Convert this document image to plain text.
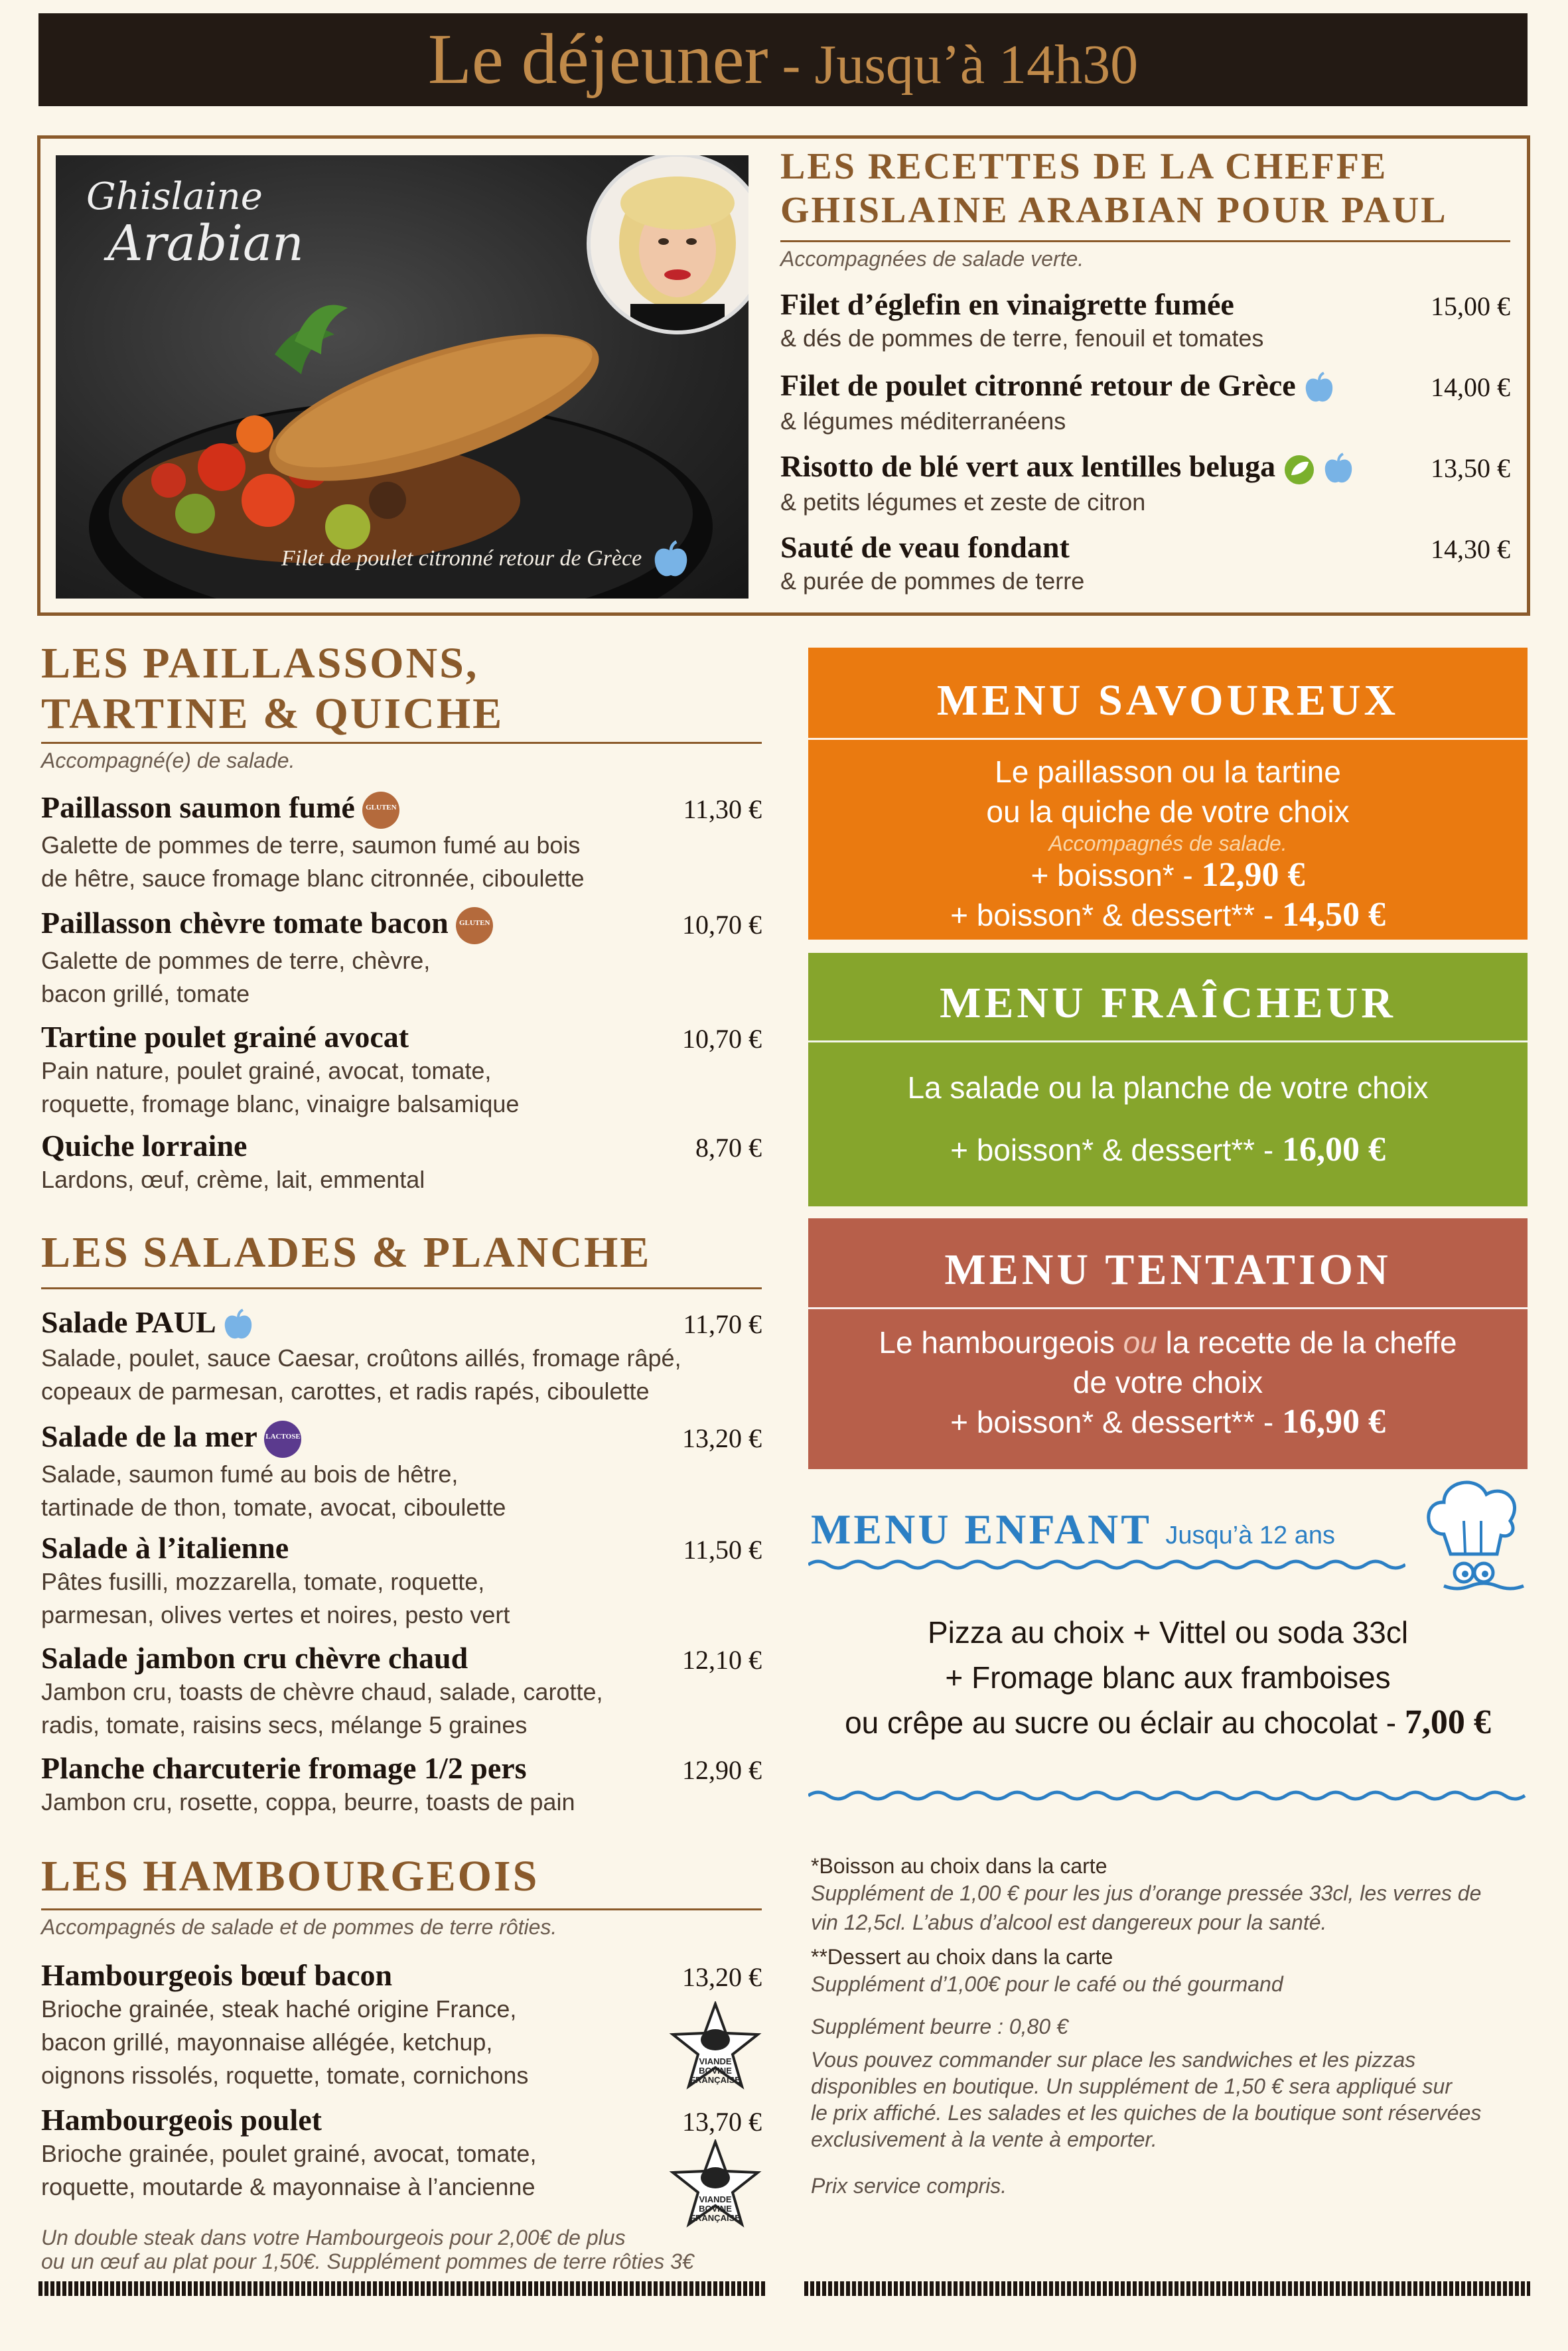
Le déjeuner - Jusqu’à 14h30
Ghislaine
Arabian
Filet de poulet citronné retour de Grèce
LES RECETTES DE LA CHEFFE
GHISLAINE ARABIAN POUR PAUL
Accompagnées de salade verte.
Filet d’églefin en vinaigrette fumée
& dés de pommes de terre, fenouil et tomates
15,00 €
Filet de poulet citronné retour de Grèce
& légumes méditerranéens
14,00 €
Risotto de blé vert aux lentilles beluga
& petits légumes et zeste de citron
13,50 €
Sauté de veau fondant
& purée de pommes de terre
14,30 €
LES PAILLASSONS,
TARTINE & QUICHE
Accompagné(e) de salade.
Paillasson saumon fumé	GLUTEN
Galette de pommes de terre, saumon fumé au bois
de hêtre, sauce fromage blanc citronnée, ciboulette
11,30 €
Paillasson chèvre tomate bacon	GLUTEN
Galette de pommes de terre, chèvre,
bacon grillé, tomate
10,70 €
Tartine poulet grainé avocat
Pain nature, poulet grainé, avocat, tomate,
roquette, fromage blanc, vinaigre balsamique
10,70 €
Quiche lorraine
Lardons, œuf, crème, lait, emmental
8,70 €
LES SALADES & PLANCHE
Salade PAUL
Salade, poulet, sauce Caesar, croûtons aillés, fromage râpé,
copeaux de parmesan, carottes, et radis rapés, ciboulette
11,70 €
Salade de la mer LACTOSE
Salade, saumon fumé au bois de hêtre,
tartinade de thon, tomate, avocat, ciboulette
13,20 €
Salade à l’italienne
Pâtes fusilli, mozzarella, tomate, roquette,
parmesan, olives vertes et noires, pesto vert
11,50 €
Salade jambon cru chèvre chaud
Jambon cru, toasts de chèvre chaud, salade, carotte,
radis, tomate, raisins secs, mélange 5 graines
12,10 €
Planche charcuterie fromage 1/2 pers
Jambon cru, rosette, coppa, beurre, toasts de pain
12,90 €
LES HAMBOURGEOIS
Accompagnés de salade et de pommes de terre rôties.
Hambourgeois bœuf bacon
Brioche grainée, steak haché origine France,
bacon grillé, mayonnaise allégée, ketchup,
oignons rissolés, roquette, tomate, cornichons
13,20 €
VIANDE
BOVINE
FRANÇAISE
Hambourgeois poulet
Brioche grainée, poulet grainé, avocat, tomate,
roquette, moutarde & mayonnaise à l’ancienne
13,70 €
VIANDE
BOVINE
FRANÇAISE
Un double steak dans votre Hambourgeois pour 2,00€ de plus
ou un œuf au plat pour 1,50€. Supplément pommes de terre rôties 3€
MENU SAVOUREUX
Le paillasson ou la tartine
ou la quiche de votre choix
Accompagnés de salade.
+ boisson* - 12,90 €
+ boisson* & dessert** - 14,50 €
MENU FRAÎCHEUR
La salade ou la planche de votre choix
+ boisson* & dessert** - 16,00 €
MENU TENTATION
Le hambourgeois ou la recette de la cheffe
de votre choix
+ boisson* & dessert** - 16,90 €
MENU ENFANT Jusqu’à 12 ans
Pizza au choix + Vittel ou soda 33cl
+ Fromage blanc aux framboises
ou crêpe au sucre ou éclair au chocolat - 7,00 €
*Boisson au choix dans la carte
Supplément de 1,00 € pour les jus d’orange pressée 33cl, les verres de
vin 12,5cl. L’abus d’alcool est dangereux pour la santé.
**Dessert au choix dans la carte
Supplément d’1,00€ pour le café ou thé gourmand
Supplément beurre : 0,80 €
Vous pouvez commander sur place les sandwiches et les pizzas
disponibles en boutique. Un supplément de 1,50 € sera appliqué sur
le prix affiché. Les salades et les quiches de la boutique sont réservées
exclusivement à la vente à emporter.
Prix service compris.
